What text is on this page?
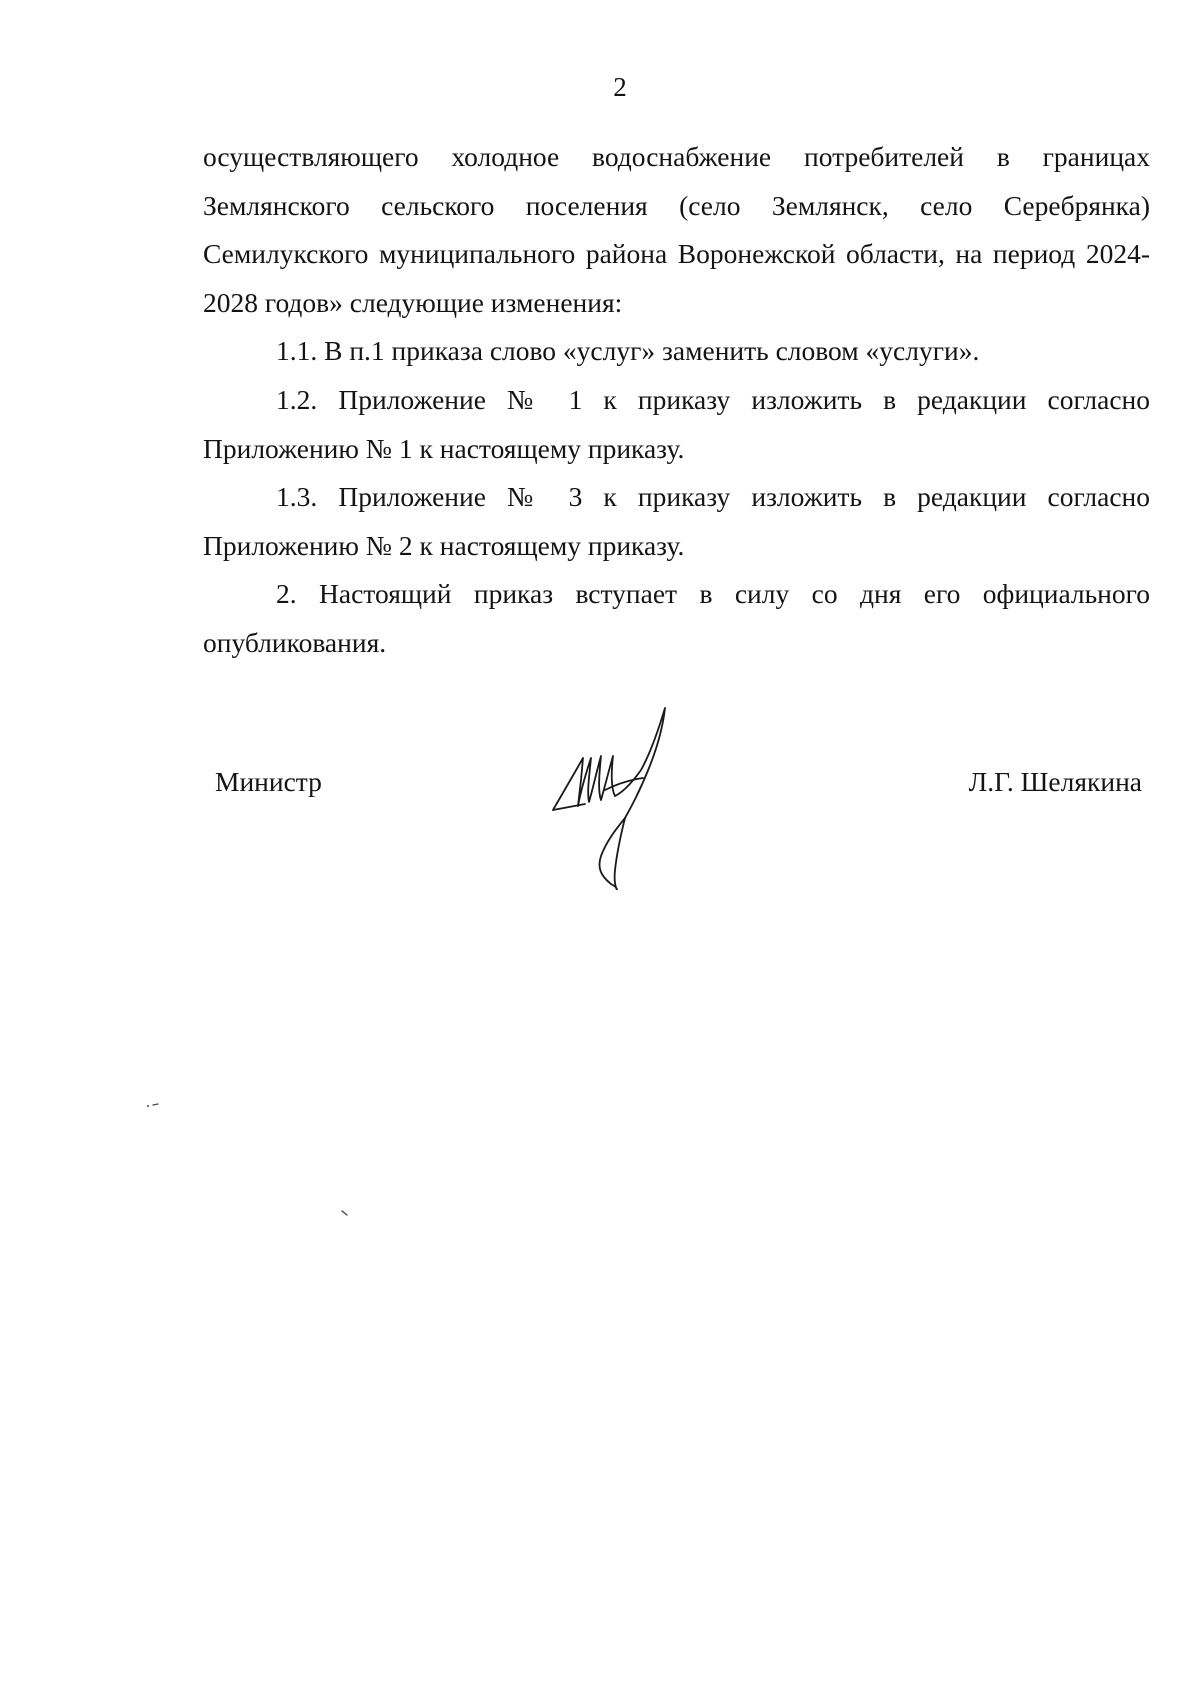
2

осуществляющего холодное водоснабжение потребителей в границах Землянского сельского поселения (село Землянск, село Серебрянка) Семилукского муниципального района Воронежской области, на период 2024-2028 годов» следующие изменения:

1.1. В п.1 приказа слово «услуг» заменить словом «услуги».

1.2. Приложение № 1 к приказу изложить в редакции согласно Приложению № 1 к настоящему приказу.

1.3. Приложение № 3 к приказу изложить в редакции согласно Приложению № 2 к настоящему приказу.

2. Настоящий приказ вступает в силу со дня его официального опубликования.

Министр	Л.Г. Шелякина
